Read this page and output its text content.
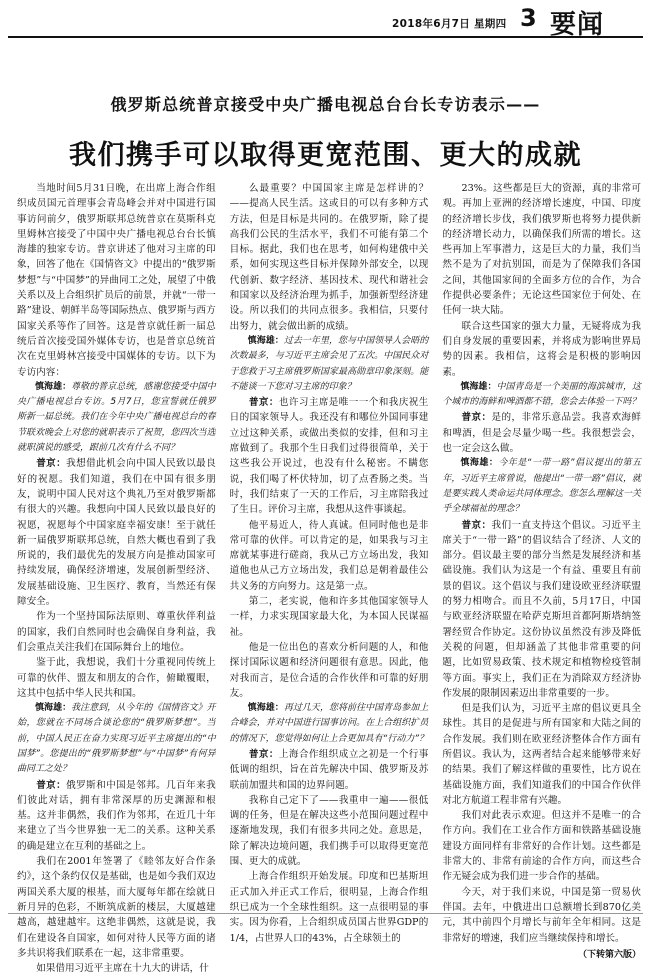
2018年6月7日 星期四 3 要闻
俄罗斯总统普京接受中央广播电视总台台长专访表示——
我们携手可以取得更宽范围、更大的成就

当地时间5月31日晚，在出席上海合作组织成员国元首理事会青岛峰会并对中国进行国事访问前夕，俄罗斯联邦总统普京在莫斯科克里姆林宫接受了中国中央广播电视总台台长慎海雄的独家专访。普京讲述了他对习主席的印象，回答了他在《国情咨文》中提出的“俄罗斯梦想”与“中国梦”的异曲同工之处，展望了中俄关系以及上合组织扩员后的前景，并就“一带一路”建设、朝鲜半岛等国际热点、俄罗斯与西方国家关系等作了回答。这是普京就任新一届总统后首次接受国外媒体专访，也是普京总统首次在克里姆林宫接受中国媒体的专访。以下为专访内容：

慎海雄：尊敬的普京总统，感谢您接受中国中央广播电视总台专访。5月7日，您宣誓就任俄罗斯新一届总统。我们在今年中央广播电视总台的春节联欢晚会上对您的就职表示了祝贺，您四次当选就职演说的感受，跟前几次有什么不同？

普京：我想借此机会向中国人民致以最良好的祝愿。我们知道，我们在中国有很多朋友，说明中国人民对这个典礼乃至对俄罗斯都有很大的兴趣。我想向中国人民致以最良好的祝愿，祝愿每个中国家庭幸福安康！至于就任新一届俄罗斯联邦总统，自然大概也看到了我所说的，我们最优先的发展方向是推动国家可持续发展，确保经济增速，发展创新型经济、发展基础设施、卫生医疗、教育，当然还有保障安全。

作为一个坚持国际法原则、尊重伙伴利益的国家，我们自然同时也会确保自身利益，我们会重点关注我们在国际舞台上的地位。

鉴于此，我想说，我们十分重视同传统上可靠的伙伴、盟友和朋友的合作，俯瞰覆眼，这其中包括中华人民共和国。

慎海雄：我注意到，从今年的《国情咨文》开始，您就在不同场合谈论您的“俄罗斯梦想”。当前，中国人民正在奋力实现习近平主席提出的“中国梦”。您提出的“俄罗斯梦想”与“中国梦”有何异曲同工之处？

普京：俄罗斯和中国是邻邦。几百年来我们彼此对话，拥有非常深厚的历史渊源和根基。这并非偶然，我们作为邻邦，在近几十年来建立了当今世界独一无二的关系。这种关系的确是建立在互利的基础之上。

我们在2001年签署了《睦邻友好合作条约》，这个条约仅仅是基础，也是如今我们双边两国关系大厦的根基，而大厦每年都在绘就日新月异的色彩，不断筑成新的楼层，大厦越建越高，越建越牢。这绝非偶然，这就是说，我们在建设各自国家，如何对待人民等方面的诸多共识将我们联系在一起，这非常重要。

如果借用习近平主席在十九大的讲话，什

么最重要？中国国家主席是怎样讲的？——提高人民生活。这或目的可以有多种方式方法，但是目标是共同的。在俄罗斯，除了提高我们公民的生活水平，我们不可能有第二个目标。据此，我们也在思考，如何构建俄中关系，如何实现这些目标并保障外部安全，以现代创新、数字经济、基因技术、现代和谐社会和国家以及经济治理为抓手，加强新型经济建设。所以我们的共同点很多。我相信，只要付出努力，就会做出新的成绩。

慎海雄：过去一年里，您与中国领导人会晤的次数最多，与习近平主席会见了五次。中国民众对于您救于习主席俄罗斯国家最高勋章印象深刻。能不能谈一下您对习主席的印象？

普京：也许习主席是唯一一个和我庆祝生日的国家领导人。我还没有和哪位外国同事建立过这种关系，或做出类似的安排，但和习主席做到了。我那个生日我们过得很简单，关于这些我公开说过，也没有什么秘密。不瞒您说，我们喝了杯伏特加，切了点香肠之类。当时，我们结束了一天的工作后，习主席陪我过了生日。评价习主席，我想从这件事谈起。

他平易近人，待人真诚。但同时他也是非常可靠的伙伴。可以肯定的是，如果我与习主席就某事进行磋商，我从己方立场出发，我知道他也从己方立场出发，我们总是朝着最佳公共义务的方向努力。这是第一点。

第二，老实说，他和许多其他国家领导人一样，力求实现国家最大化，为本国人民谋福祉。

他是一位出色的喜欢分析问题的人，和他探讨国际议题和经济问题很有意思。因此，他对我而言，是位合适的合作伙伴和可靠的好朋友。

慎海雄：再过几天，您将前往中国青岛参加上合峰会，并对中国进行国事访问。在上合组织扩员的情况下，您觉得如何让上合更加具有“行动力”？

普京：上海合作组织成立之初是一个行事低调的组织，旨在首先解决中国、俄罗斯及苏联前加盟共和国的边界问题。

我称自己定下了——我重申一遍——很低调的任务，但是在解决这些小范围问题过程中逐渐地发现，我们有很多共同之处。意思是，除了解决边境问题，我们携手可以取得更宽范围、更大的成就。

上海合作组织开始发展。印度和巴基斯坦正式加入并正式工作后，很明显，上海合作组织已成为一个全球性组织。这一点很明显的事实。因为你看，上合组织成员国占世界GDP的1/4，占世界人口的43%，占全球领土的

23%。这些都是巨大的资源，真的非常可观。再加上亚洲的经济增长速度，中国、印度的经济增长步伐，我们俄罗斯也将努力提供新的经济增长动力，以确保我们所需的增长。这些再加上军事潜力，这是巨大的力量，我们当然不是为了对抗别国，而是为了保障我们各国之间，其他国家间的全面多方位的合作，为合作提供必要条件；无论这些国家位于何处、在任何一块大陆。

联合这些国家的强大力量，无疑将成为我们自身发展的重要因素，并将成为影响世界局势的因素。我相信，这将会是积极的影响因素。

慎海雄：中国青岛是一个美丽的海滨城市，这个城市的海鲜和啤酒都不错，您会去体验一下吗？

普京：是的，非常乐意品尝。我喜欢海鲜和啤酒，但是会尽量少喝一些。我很想尝会，也一定会这么做。

慎海雄：今年是“一带一路”倡议提出的第五年，习近平主席曾说，他提出“一带一路”倡议，就是要实践人类命运共同体理念。您怎么理解这一关乎全球福祉的理念？

普京：我们一直支持这个倡议。习近平主席关于“一带一路”的倡议结合了经济、人文的部分。倡议最主要的部分当然是发展经济和基础设施。我们认为这是一个有益、重要且有前景的倡议。这个倡议与我们建设欧亚经济联盟的努力相吻合。而且不久前，5月17日，中国与欧亚经济联盟在哈萨克斯坦首都阿斯塔纳签署经贸合作协定。这份协议虽然没有涉及降低关税的问题，但却涵盖了其他非常重要的问题，比如贸易政策、技术规定和植物检疫管制等方面。事实上，我们正在为消除双方经济协作发展的限制因素迈出非常重要的一步。

但是我们认为，习近平主席的倡议更具全球性。其目的是促进与所有国家和大陆之间的合作发展。我们则在欧亚经济整体合作方面有所倡议。我认为，这两者结合起来能够带来好的结果。我们了解这样做的重要性，比方说在基础设施方面，我们知道我们的中国合作伙伴对北方航道工程非常有兴趣。

我们对此表示欢迎。但这并不是唯一的合作方向。我们在工业合作方面和铁路基础设施建设方面同样有非常好的合作计划。这些都是非常大的、非常有前途的合作方向，而这些合作无疑会成为我们进一步合作的基础。

今天，对于我们来说，中国是第一贸易伙伴国。去年，中俄进出口总额增长到870亿美元，其中前四个月增长与前年全年相同。这是非常好的增速，我们应当继续保持和增长。

（下转第六版）
